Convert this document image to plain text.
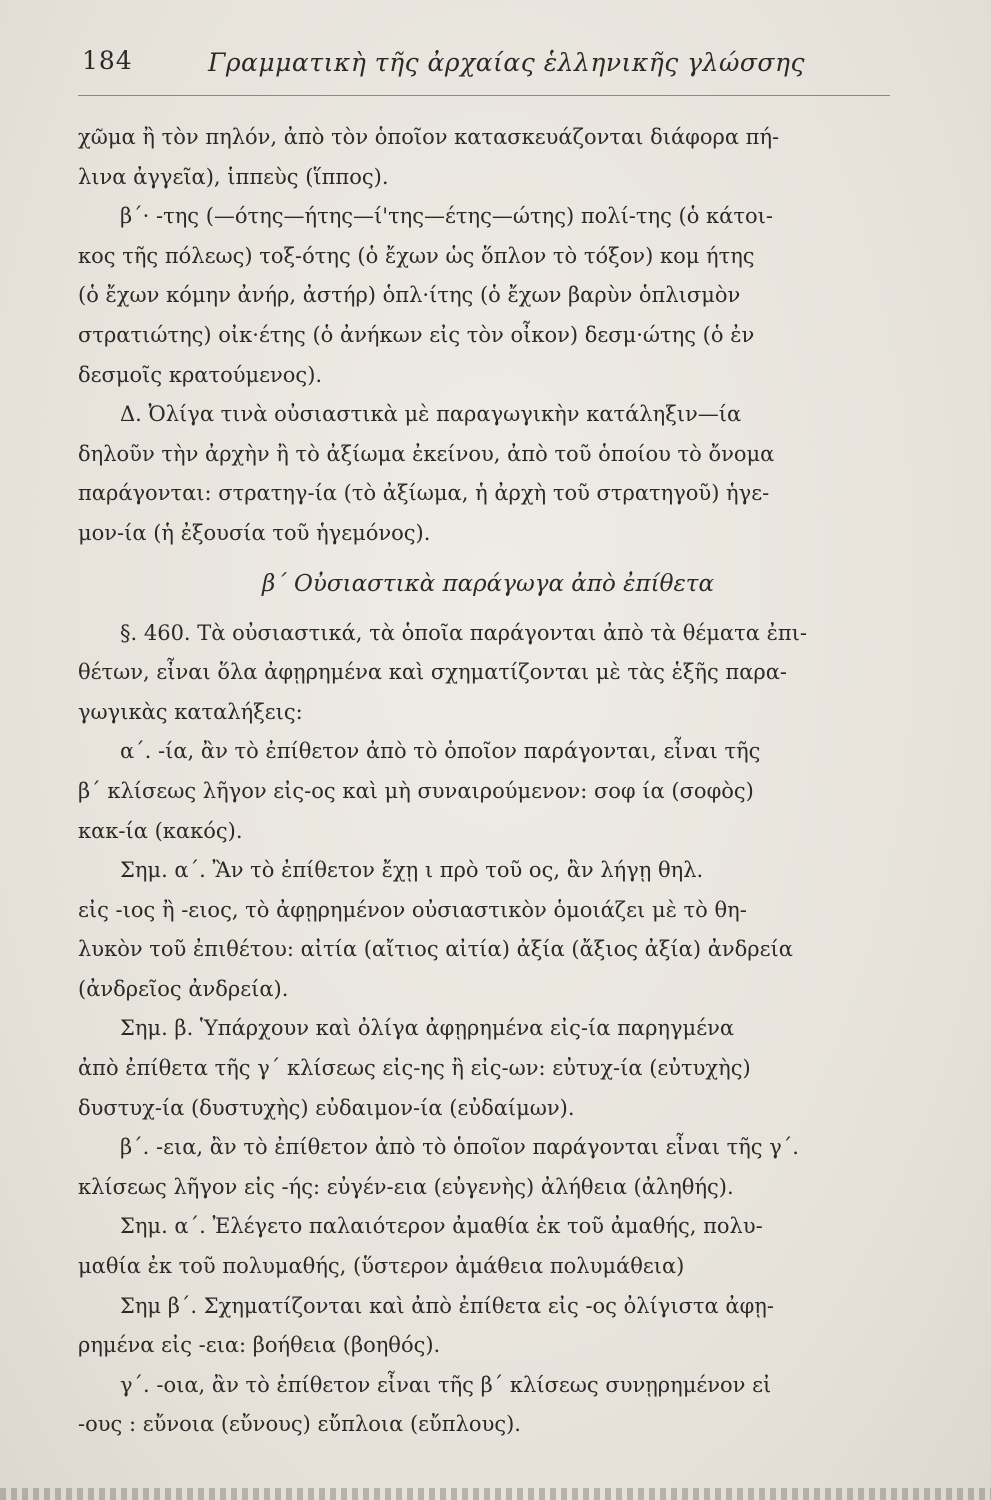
184	Γραμματικὴ τῆς ἀρχαίας ἑλληνικῆς γλώσσης
χῶμα ἢ τὸν πηλόν, ἀπὸ τὸν ὁποῖον κατασκευάζονται διάφορα πή-
λινα ἀγγεῖα), ἱππεὺς (ἵππος).
β΄· -της (—ότης—ήτης—ί'της—έτης—ώτης) πολί-της (ὁ κάτοι-
κος τῆς πόλεως) τοξ-ότης (ὁ ἔχων ὡς ὅπλον τὸ τόξον) κομ ήτης
(ὁ ἔχων κόμην ἀνήρ, ἀστήρ) ὁπλ·ίτης (ὁ ἔχων βαρὺν ὁπλισμὸν
στρατιώτης) οἰκ·έτης (ὁ ἀνήκων εἰς τὸν οἶκον) δεσμ·ώτης (ὁ ἐν
δεσμοῖς κρατούμενος).
Δ. Ὀλίγα τινὰ οὐσιαστικὰ μὲ παραγωγικὴν κατάληξιν—ία
δηλοῦν τὴν ἀρχὴν ἢ τὸ ἀξίωμα ἐκείνου, ἀπὸ τοῦ ὁποίου τὸ ὄνομα
παράγονται: στρατηγ-ία (τὸ ἀξίωμα, ἡ ἀρχὴ τοῦ στρατηγοῦ) ἡγε-
μον-ία (ἡ ἐξουσία τοῦ ἡγεμόνος).
β΄ Οὐσιαστικὰ παράγωγα ἀπὸ ἐπίθετα
§. 460. Τὰ οὐσιαστικά, τὰ ὁποῖα παράγονται ἀπὸ τὰ θέματα ἐπι-
θέτων, εἶναι ὅλα ἀφῃρημένα καὶ σχηματίζονται μὲ τὰς ἑξῆς παρα-
γωγικὰς καταλήξεις:
α΄. -ία, ἂν τὸ ἐπίθετον ἀπὸ τὸ ὁποῖον παράγονται, εἶναι τῆς
β΄ κλίσεως λῆγον εἰς-ος καὶ μὴ συναιρούμενον: σοφ ία (σοφὸς)
κακ-ία (κακός).
Σημ. α΄. Ἂν τὸ ἐπίθετον ἔχῃ ι πρὸ τοῦ ος, ἂν λήγῃ θηλ.
εἰς -ιος ἢ -ειος, τὸ ἀφῃρημένον οὐσιαστικὸν ὁμοιάζει μὲ τὸ θη-
λυκὸν τοῦ ἐπιθέτου: αἰτία (αἴτιος αἰτία) ἀξία (ἄξιος ἀξία) ἀνδρεία
(ἀνδρεῖος ἀνδρεία).
Σημ. β. Ὑπάρχουν καὶ ὀλίγα ἀφῃρημένα εἰς-ία παρηγμένα
ἀπὸ ἐπίθετα τῆς γ΄ κλίσεως εἰς-ης ἢ εἰς-ων: εὐτυχ-ία (εὐτυχὴς)
δυστυχ-ία (δυστυχὴς) εὐδαιμον-ία (εὐδαίμων).
β΄. -εια, ἂν τὸ ἐπίθετον ἀπὸ τὸ ὁποῖον παράγονται εἶναι τῆς γ΄.
κλίσεως λῆγον εἰς -ής: εὐγέν-εια (εὐγενὴς) ἀλήθεια (ἀληθής).
Σημ. α΄. Ἐλέγετο παλαιότερον ἀμαθία ἐκ τοῦ ἀμαθής, πολυ-
μαθία ἐκ τοῦ πολυμαθής, (ὕστερον ἀμάθεια πολυμάθεια)
Σημ β΄. Σχηματίζονται καὶ ἀπὸ ἐπίθετα εἰς -ος ὀλίγιστα ἀφῃ-
ρημένα εἰς -εια: βοήθεια (βοηθός).
γ΄. -οια, ἂν τὸ ἐπίθετον εἶναι τῆς β΄ κλίσεως συνῃρημένον εἰ
-ους : εὔνοια (εὔνους) εὔπλοια (εὔπλους).
